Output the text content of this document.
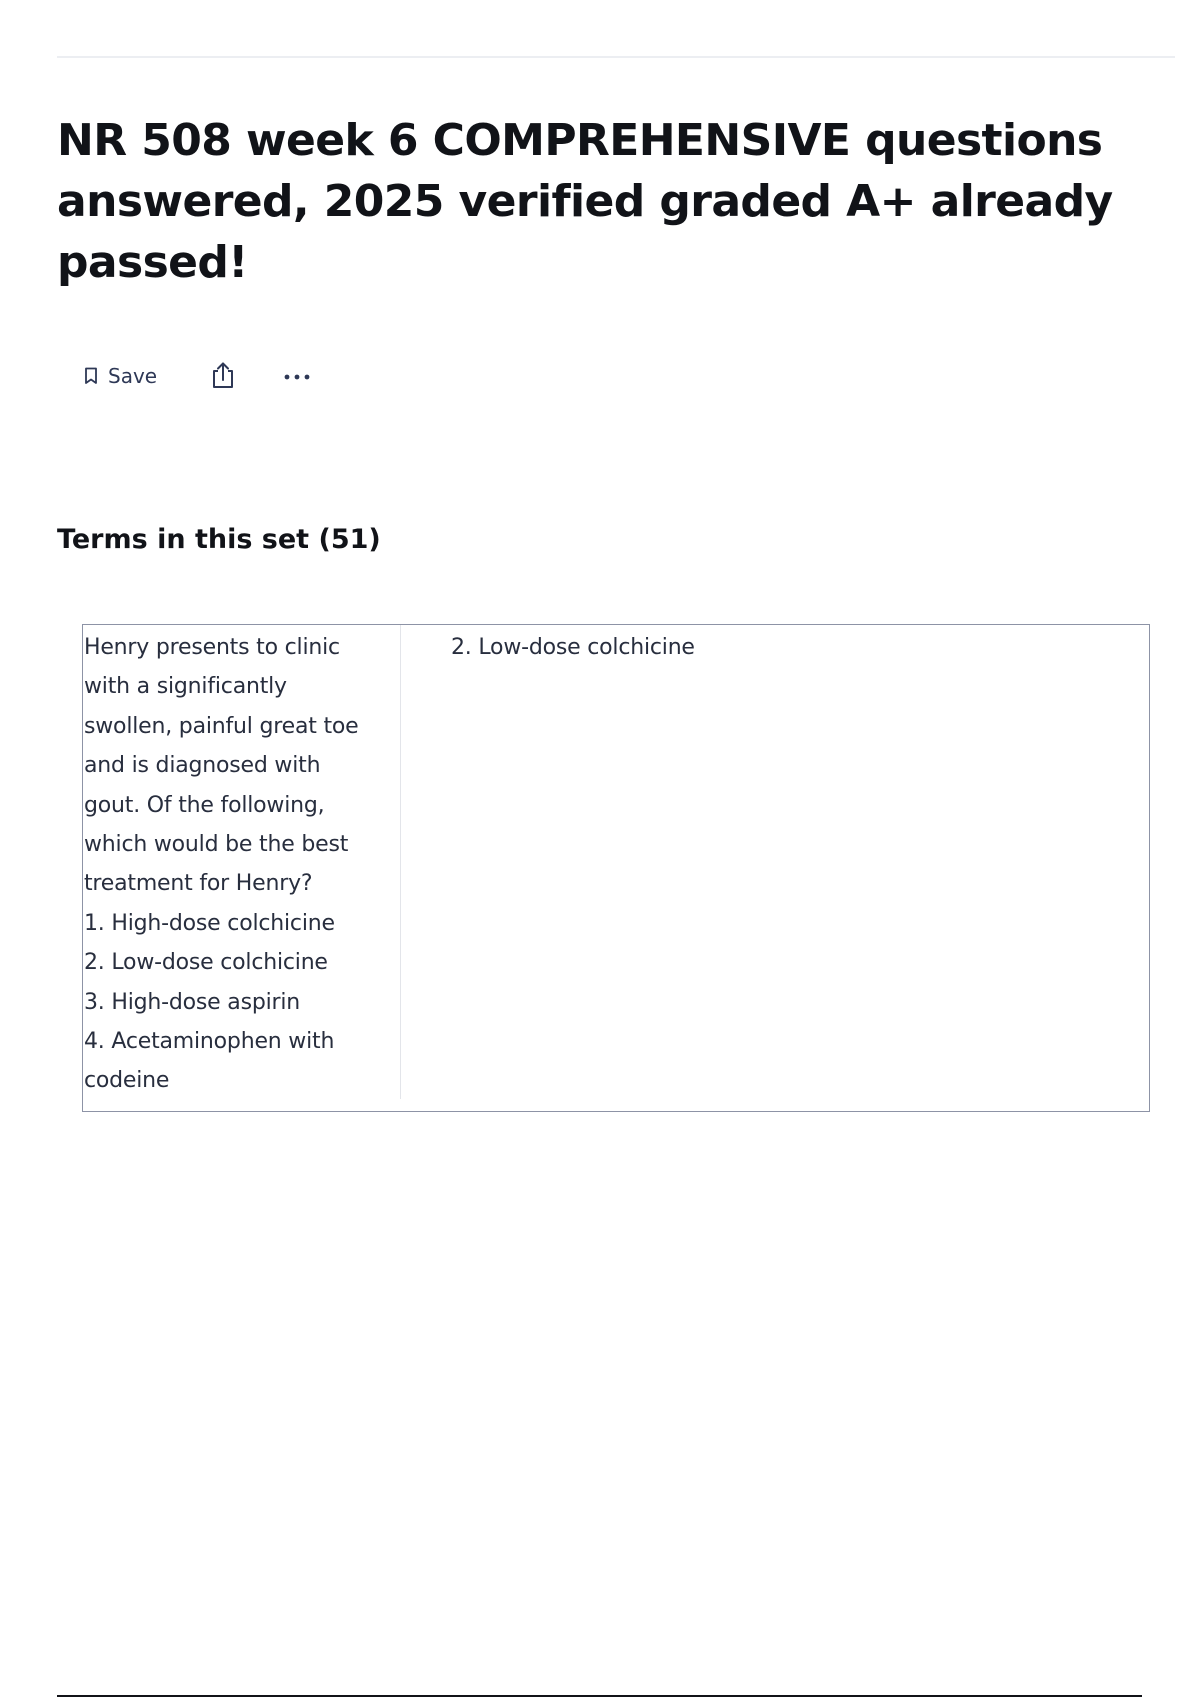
NR 508 week 6 COMPREHENSIVE questions answered, 2025 verified graded A+ already passed!
Save
Terms in this set (51)

Henry presents to clinic
with a significantly
swollen, painful great toe
and is diagnosed with
gout. Of the following,
which would be the best
treatment for Henry?
1. High-dose colchicine
2. Low-dose colchicine
3. High-dose aspirin
4. Acetaminophen with
codeine

2. Low-dose colchicine
